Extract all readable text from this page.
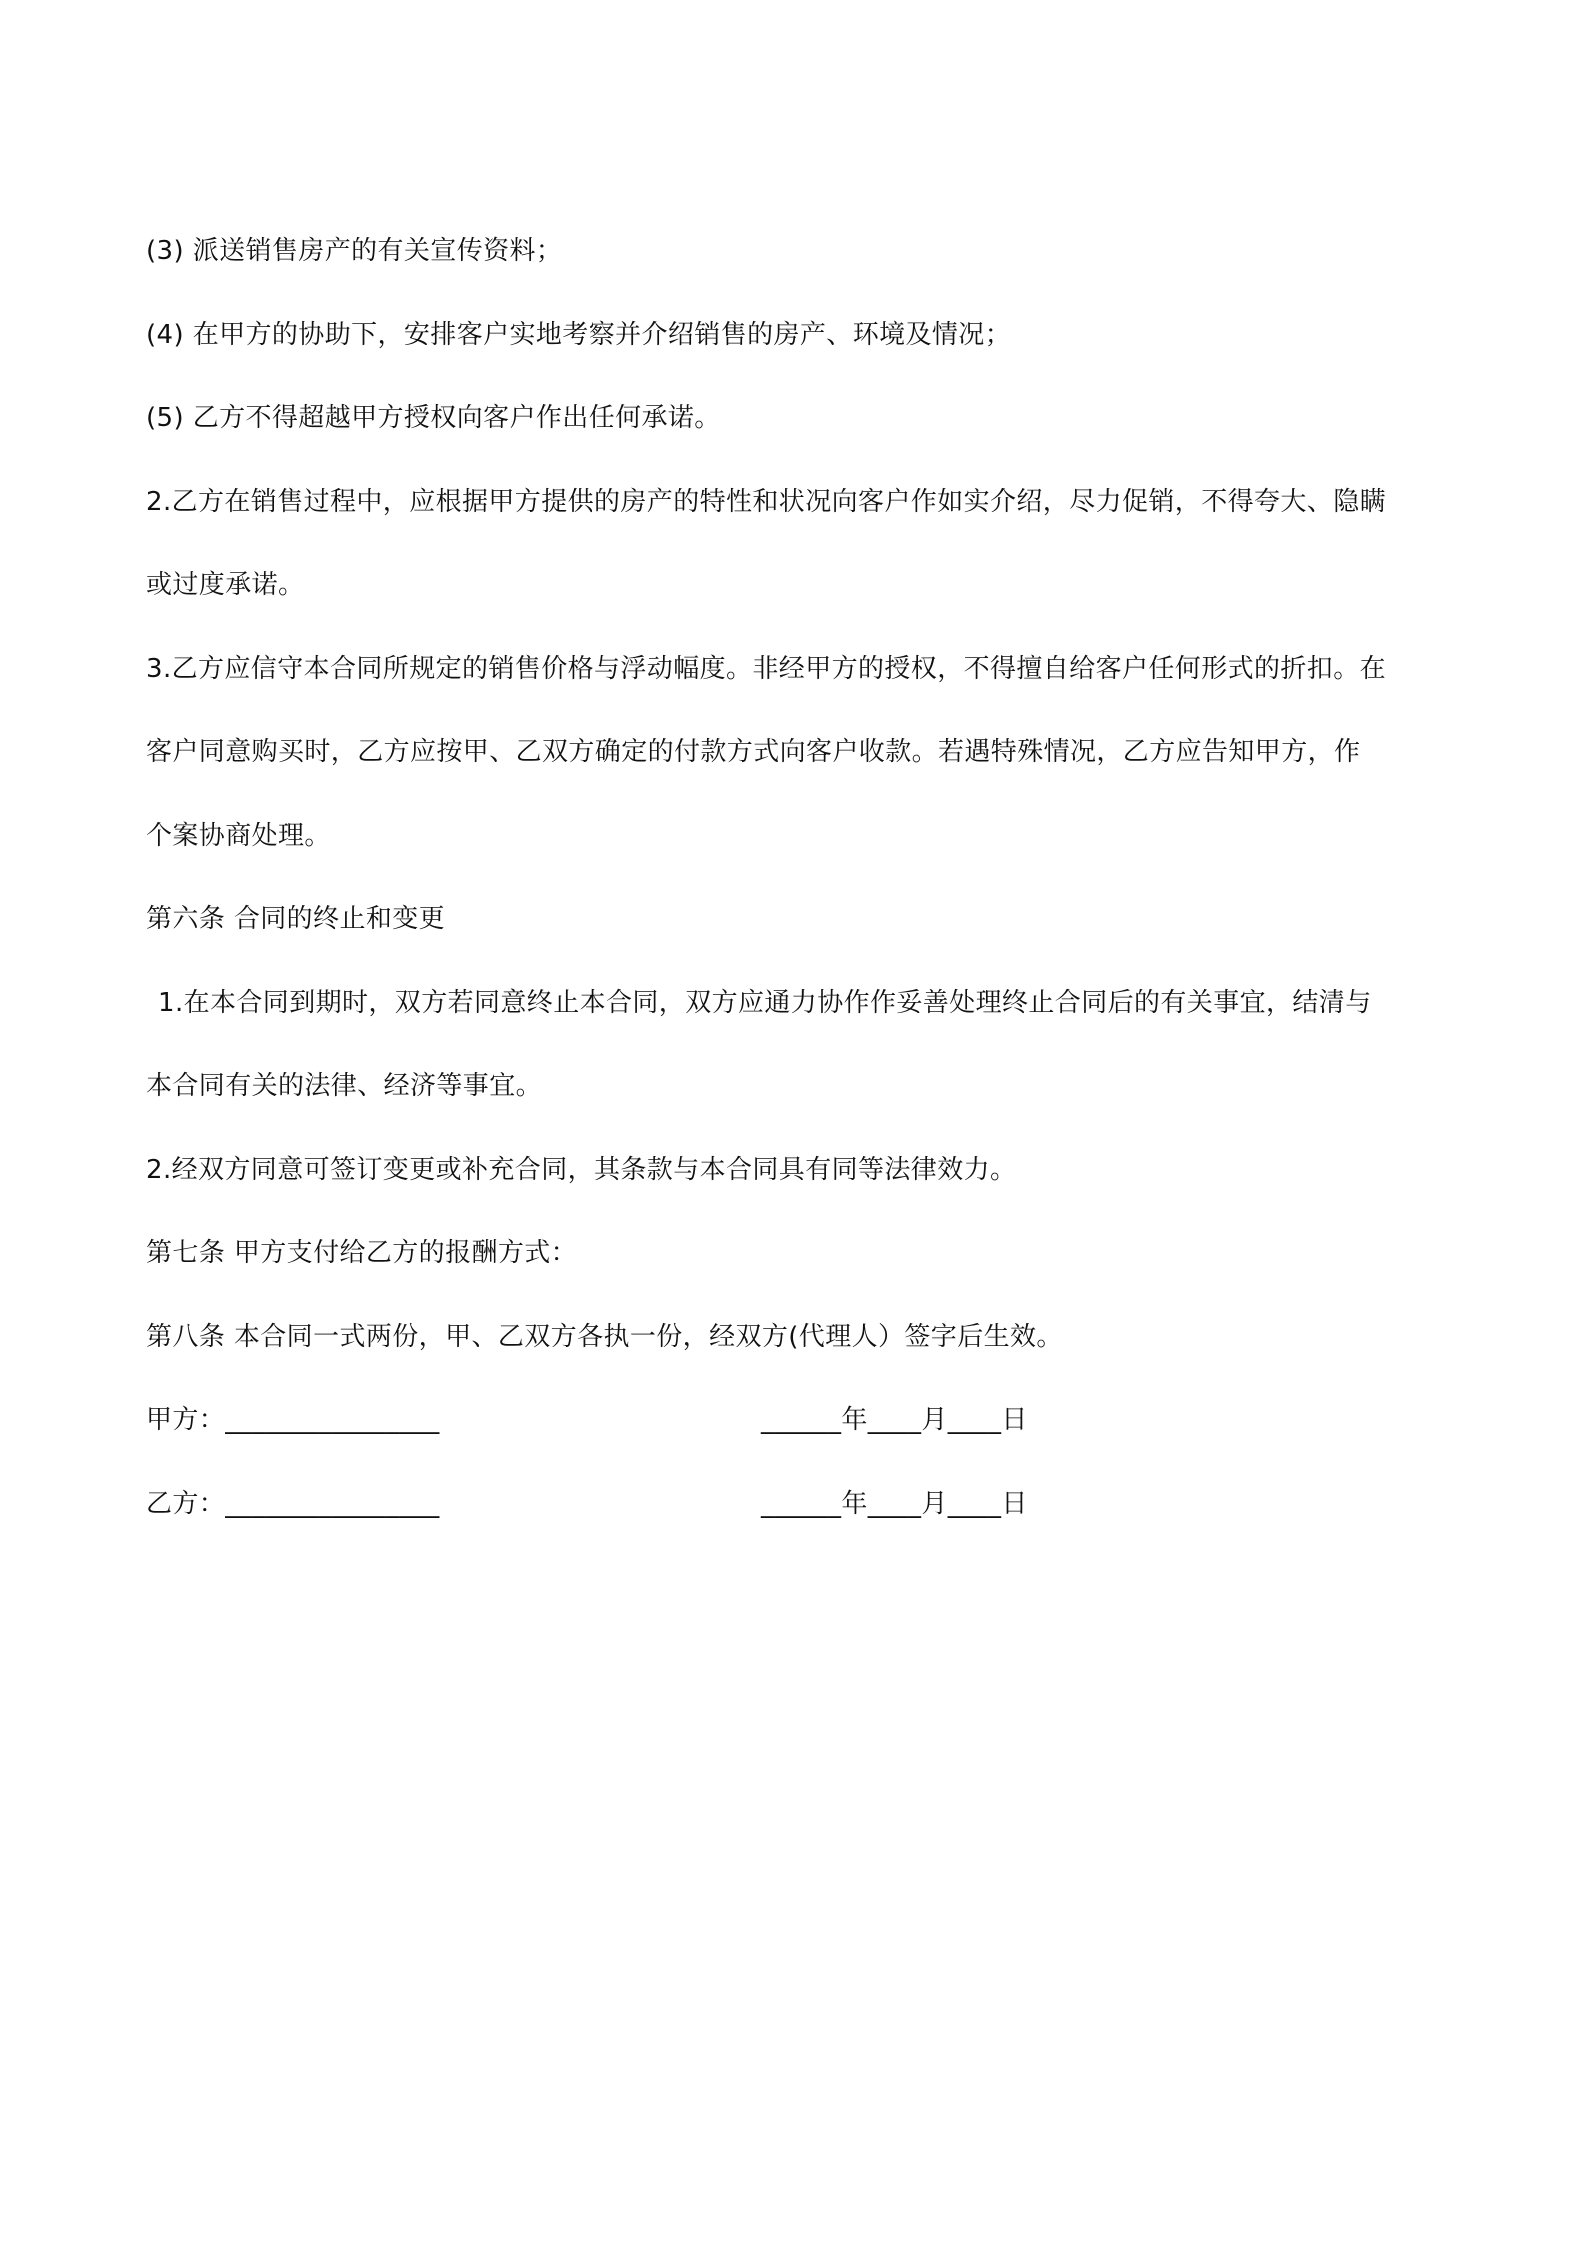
(3) 派送销售房产的有关宣传资料；
(4) 在甲方的协助下，安排客户实地考察并介绍销售的房产、环境及情况；
(5) 乙方不得超越甲方授权向客户作出任何承诺。
2.乙方在销售过程中，应根据甲方提供的房产的特性和状况向客户作如实介绍，尽力促销，不得夸大、隐瞒
或过度承诺。
3.乙方应信守本合同所规定的销售价格与浮动幅度。非经甲方的授权，不得擅自给客户任何形式的折扣。在
客户同意购买时，乙方应按甲、乙双方确定的付款方式向客户收款。若遇特殊情况，乙方应告知甲方，作
个案协商处理。
第六条 合同的终止和变更
1.在本合同到期时，双方若同意终止本合同，双方应通力协作作妥善处理终止合同后的有关事宜，结清与
本合同有关的法律、经济等事宜。
2.经双方同意可签订变更或补充合同，其条款与本合同具有同等法律效力。
第七条 甲方支付给乙方的报酬方式：
第八条 本合同一式两份，甲、乙双方各执一份，经双方(代理人）签字后生效。
甲方：________________	______年____月____日
乙方：________________	______年____月____日
